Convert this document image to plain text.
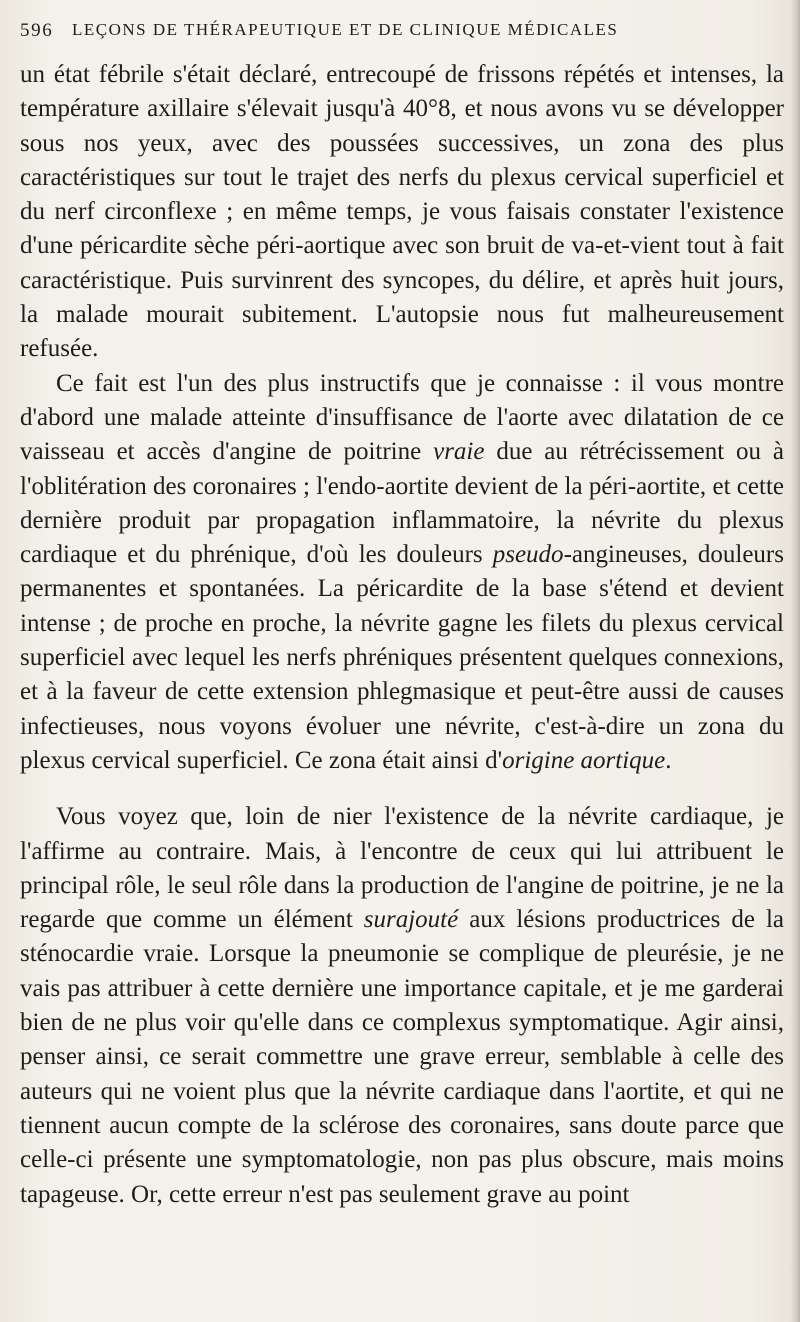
596	LEÇONS DE THÉRAPEUTIQUE ET DE CLINIQUE MÉDICALES

un état fébrile s'était déclaré, entrecoupé de frissons répétés et intenses, la température axillaire s'élevait jusqu'à 40°8, et nous avons vu se développer sous nos yeux, avec des poussées successives, un zona des plus caractéristiques sur tout le trajet des nerfs du plexus cervical superficiel et du nerf circonflexe ; en même temps, je vous faisais constater l'existence d'une péricardite sèche péri-aortique avec son bruit de va-et-vient tout à fait caractéristique. Puis survinrent des syncopes, du délire, et après huit jours, la malade mourait subitement. L'autopsie nous fut malheureusement refusée.

Ce fait est l'un des plus instructifs que je connaisse : il vous montre d'abord une malade atteinte d'insuffisance de l'aorte avec dilatation de ce vaisseau et accès d'angine de poitrine vraie due au rétrécissement ou à l'oblitération des coronaires ; l'endo-aortite devient de la péri-aortite, et cette dernière produit par propagation inflammatoire, la névrite du plexus cardiaque et du phrénique, d'où les douleurs pseudo-angineuses, douleurs permanentes et spontanées. La péricardite de la base s'étend et devient intense ; de proche en proche, la névrite gagne les filets du plexus cervical superficiel avec lequel les nerfs phréniques présentent quelques connexions, et à la faveur de cette extension phlegmasique et peut-être aussi de causes infectieuses, nous voyons évoluer une névrite, c'est-à-dire un zona du plexus cervical superficiel. Ce zona était ainsi d'origine aortique.

Vous voyez que, loin de nier l'existence de la névrite cardiaque, je l'affirme au contraire. Mais, à l'encontre de ceux qui lui attribuent le principal rôle, le seul rôle dans la production de l'angine de poitrine, je ne la regarde que comme un élément surajouté aux lésions productrices de la sténocardie vraie. Lorsque la pneumonie se complique de pleurésie, je ne vais pas attribuer à cette dernière une importance capitale, et je me garderai bien de ne plus voir qu'elle dans ce complexus symptomatique. Agir ainsi, penser ainsi, ce serait commettre une grave erreur, semblable à celle des auteurs qui ne voient plus que la névrite cardiaque dans l'aortite, et qui ne tiennent aucun compte de la sclérose des coronaires, sans doute parce que celle-ci présente une symptomatologie, non pas plus obscure, mais moins tapageuse. Or, cette erreur n'est pas seulement grave au point
